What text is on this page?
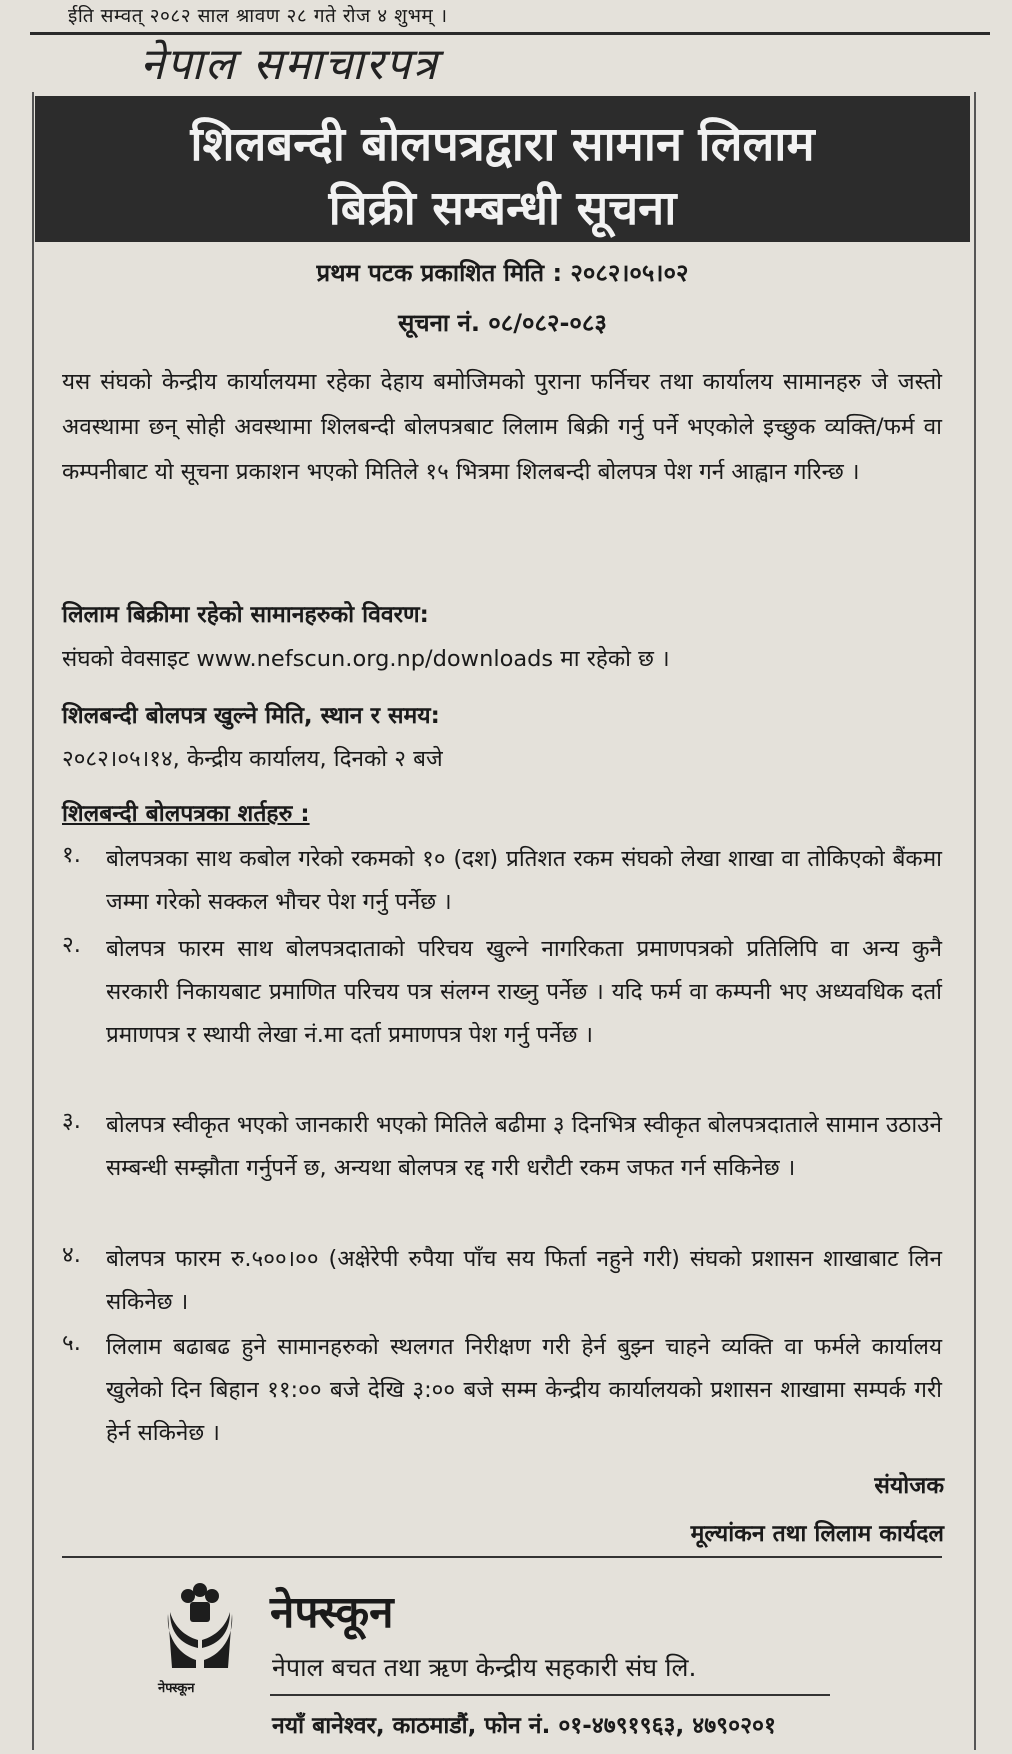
ईति सम्वत् २०८२ साल श्रावण २८ गते रोज ४ शुभम् ।
नेपाल समाचारपत्र
शिलबन्दी बोलपत्रद्वारा सामान लिलाम
बिक्री सम्बन्धी सूचना
प्रथम पटक प्रकाशित मिति : २०८२।०५।०२
सूचना नं. ०८/०८२-०८३
यस संघको केन्द्रीय कार्यालयमा रहेका देहाय बमोजिमको पुराना फर्निचर तथा कार्यालय सामानहरु जे जस्तो अवस्थामा छन् सोही अवस्थामा शिलबन्दी बोलपत्रबाट लिलाम बिक्री गर्नु पर्ने भएकोले इच्छुक व्यक्ति/फर्म वा कम्पनीबाट यो सूचना प्रकाशन भएको मितिले १५ भित्रमा शिलबन्दी बोलपत्र पेश गर्न आह्वान गरिन्छ ।
लिलाम बिक्रीमा रहेको सामानहरुको विवरण:
संघको वेवसाइट www.nefscun.org.np/downloads मा रहेको छ ।
शिलबन्दी बोलपत्र खुल्ने मिति, स्थान र समय:
२०८२।०५।१४, केन्द्रीय कार्यालय, दिनको २ बजे
शिलबन्दी बोलपत्रका शर्तहरु :
१. बोलपत्रका साथ कबोल गरेको रकमको १० (दश) प्रतिशत रकम संघको लेखा शाखा वा तोकिएको बैंकमा जम्मा गरेको सक्कल भौचर पेश गर्नु पर्नेछ ।
२. बोलपत्र फारम साथ बोलपत्रदाताको परिचय खुल्ने नागरिकता प्रमाणपत्रको प्रतिलिपि वा अन्य कुनै सरकारी निकायबाट प्रमाणित परिचय पत्र संलग्न राख्नु पर्नेछ । यदि फर्म वा कम्पनी भए अध्यवधिक दर्ता प्रमाणपत्र र स्थायी लेखा नं.मा दर्ता प्रमाणपत्र पेश गर्नु पर्नेछ ।
३. बोलपत्र स्वीकृत भएको जानकारी भएको मितिले बढीमा ३ दिनभित्र स्वीकृत बोलपत्रदाताले सामान उठाउने सम्बन्धी सम्झौता गर्नुपर्ने छ, अन्यथा बोलपत्र रद्द गरी धरौटी रकम जफत गर्न सकिनेछ ।
४. बोलपत्र फारम रु.५००।०० (अक्षेरेपी रुपैया पाँच सय फिर्ता नहुने गरी) संघको प्रशासन शाखाबाट लिन सकिनेछ ।
५. लिलाम बढाबढ हुने सामानहरुको स्थलगत निरीक्षण गरी हेर्न बुझ्न चाहने व्यक्ति वा फर्मले कार्यालय खुलेको दिन बिहान ११:०० बजे देखि ३:०० बजे सम्म केन्द्रीय कार्यालयको प्रशासन शाखामा सम्पर्क गरी हेर्न सकिनेछ ।
संयोजक
मूल्यांकन तथा लिलाम कार्यदल
नेफ्स्कून
नेफ्स्कून
नेपाल बचत तथा ऋण केन्द्रीय सहकारी संघ लि.
नयाँ बानेश्वर, काठमाडौं, फोन नं. ०१-४७९१९६३, ४७९०२०१
